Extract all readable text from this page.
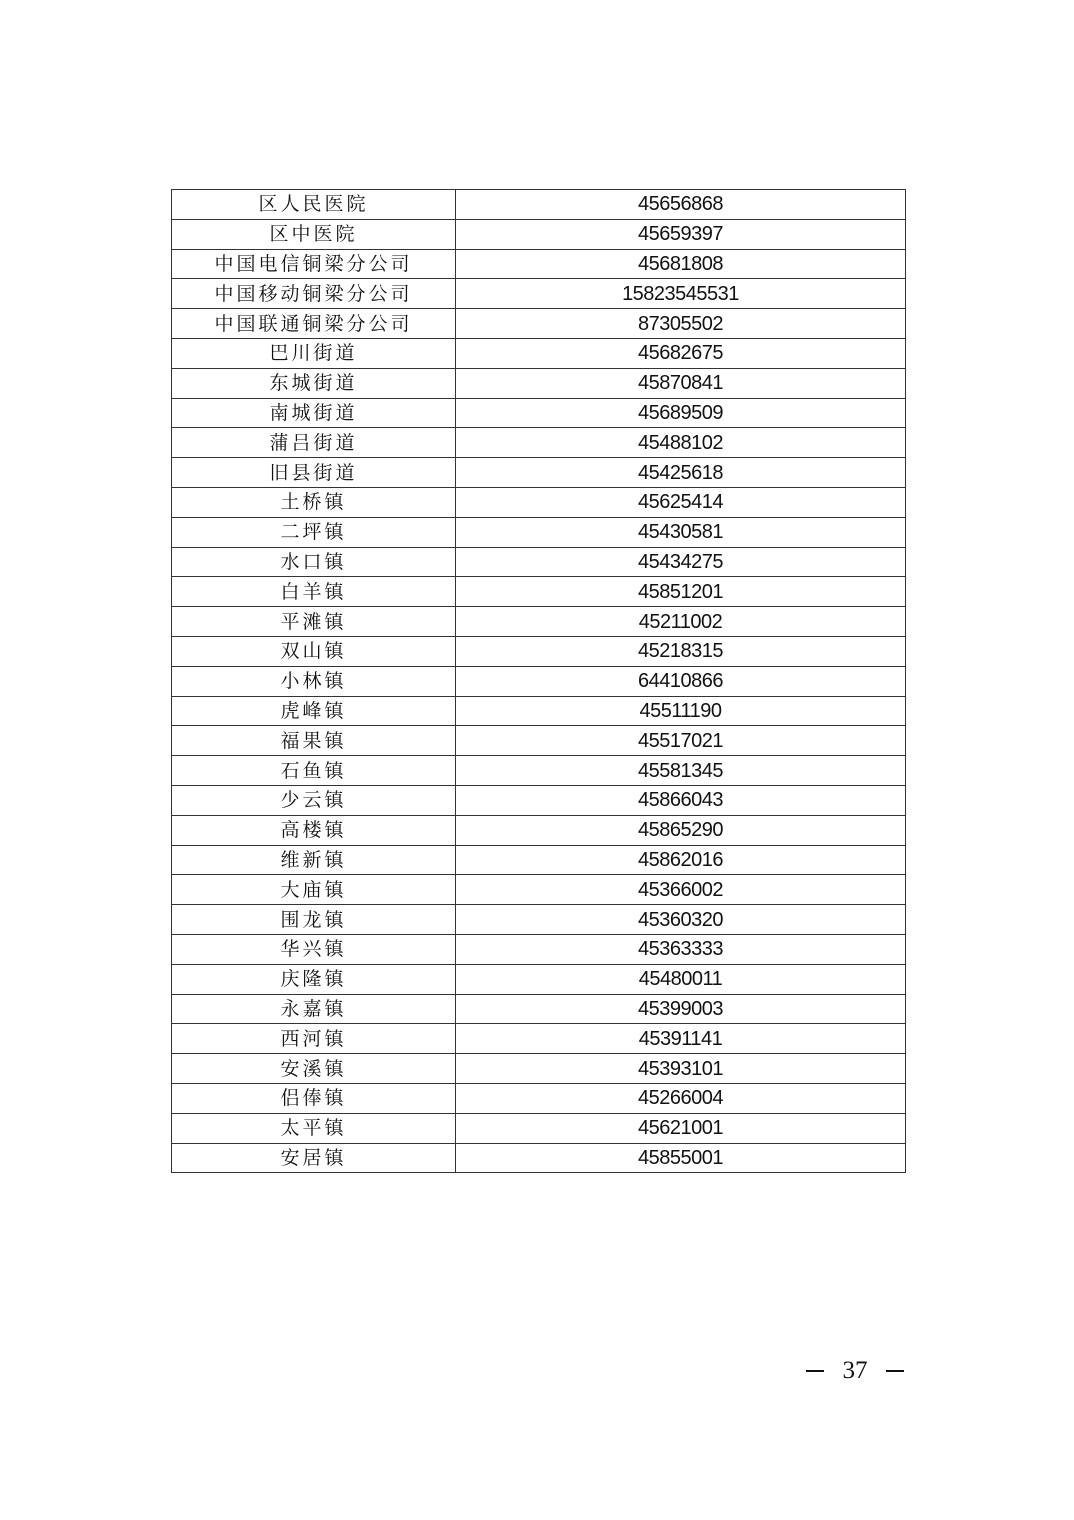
区人民医院	45656868
区中医院	45659397
中国电信铜梁分公司	45681808
中国移动铜梁分公司	15823545531
中国联通铜梁分公司	87305502
巴川街道	45682675
东城街道	45870841
南城街道	45689509
蒲吕街道	45488102
旧县街道	45425618
土桥镇	45625414
二坪镇	45430581
水口镇	45434275
白羊镇	45851201
平滩镇	45211002
双山镇	45218315
小林镇	64410866
虎峰镇	45511190
福果镇	45517021
石鱼镇	45581345
少云镇	45866043
高楼镇	45865290
维新镇	45862016
大庙镇	45366002
围龙镇	45360320
华兴镇	45363333
庆隆镇	45480011
永嘉镇	45399003
西河镇	45391141
安溪镇	45393101
侣俸镇	45266004
太平镇	45621001
安居镇	45855001
37
